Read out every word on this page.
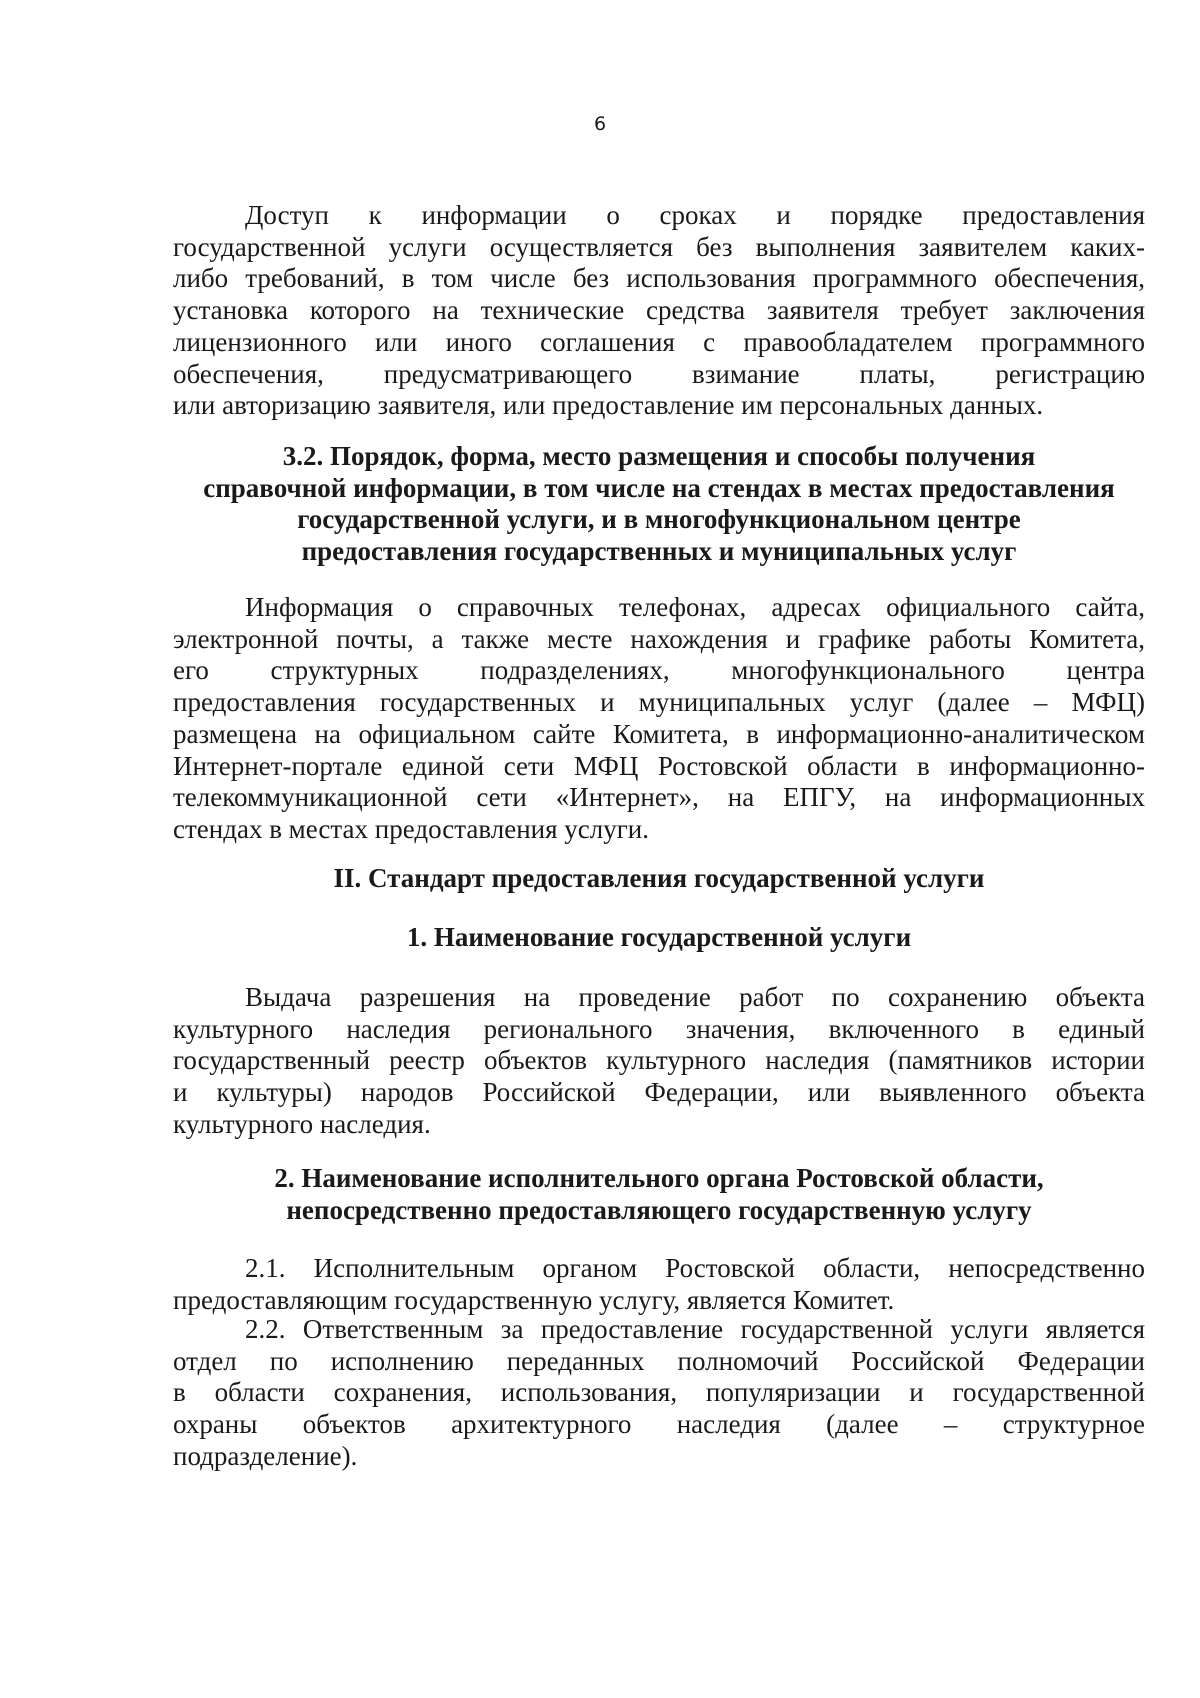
6

Доступ к информации о сроках и порядке предоставления
государственной услуги осуществляется без выполнения заявителем каких-
либо требований, в том числе без использования программного обеспечения,
установка которого на технические средства заявителя требует заключения
лицензионного или иного соглашения с правообладателем программного
обеспечения, предусматривающего взимание платы, регистрацию
или авторизацию заявителя, или предоставление им персональных данных.
3.2. Порядок, форма, место размещения и способы получения
справочной информации, в том числе на стендах в местах предоставления
государственной услуги, и в многофункциональном центре
предоставления государственных и муниципальных услуг
Информация о справочных телефонах, адресах официального сайта,
электронной почты, а также месте нахождения и графике работы Комитета,
его структурных подразделениях, многофункционального центра
предоставления государственных и муниципальных услуг (далее – МФЦ)
размещена на официальном сайте Комитета, в информационно-аналитическом
Интернет-портале единой сети МФЦ Ростовской области в информационно-
телекоммуникационной сети «Интернет», на ЕПГУ, на информационных
стендах в местах предоставления услуги.
II. Стандарт предоставления государственной услуги
1. Наименование государственной услуги
Выдача разрешения на проведение работ по сохранению объекта
культурного наследия регионального значения, включенного в единый
государственный реестр объектов культурного наследия (памятников истории
и культуры) народов Российской Федерации, или выявленного объекта
культурного наследия.
2. Наименование исполнительного органа Ростовской области,
непосредственно предоставляющего государственную услугу
2.1. Исполнительным органом Ростовской области, непосредственно
предоставляющим государственную услугу, является Комитет.
2.2. Ответственным за предоставление государственной услуги является
отдел по исполнению переданных полномочий Российской Федерации
в области сохранения, использования, популяризации и государственной
охраны объектов архитектурного наследия (далее – структурное
подразделение).
